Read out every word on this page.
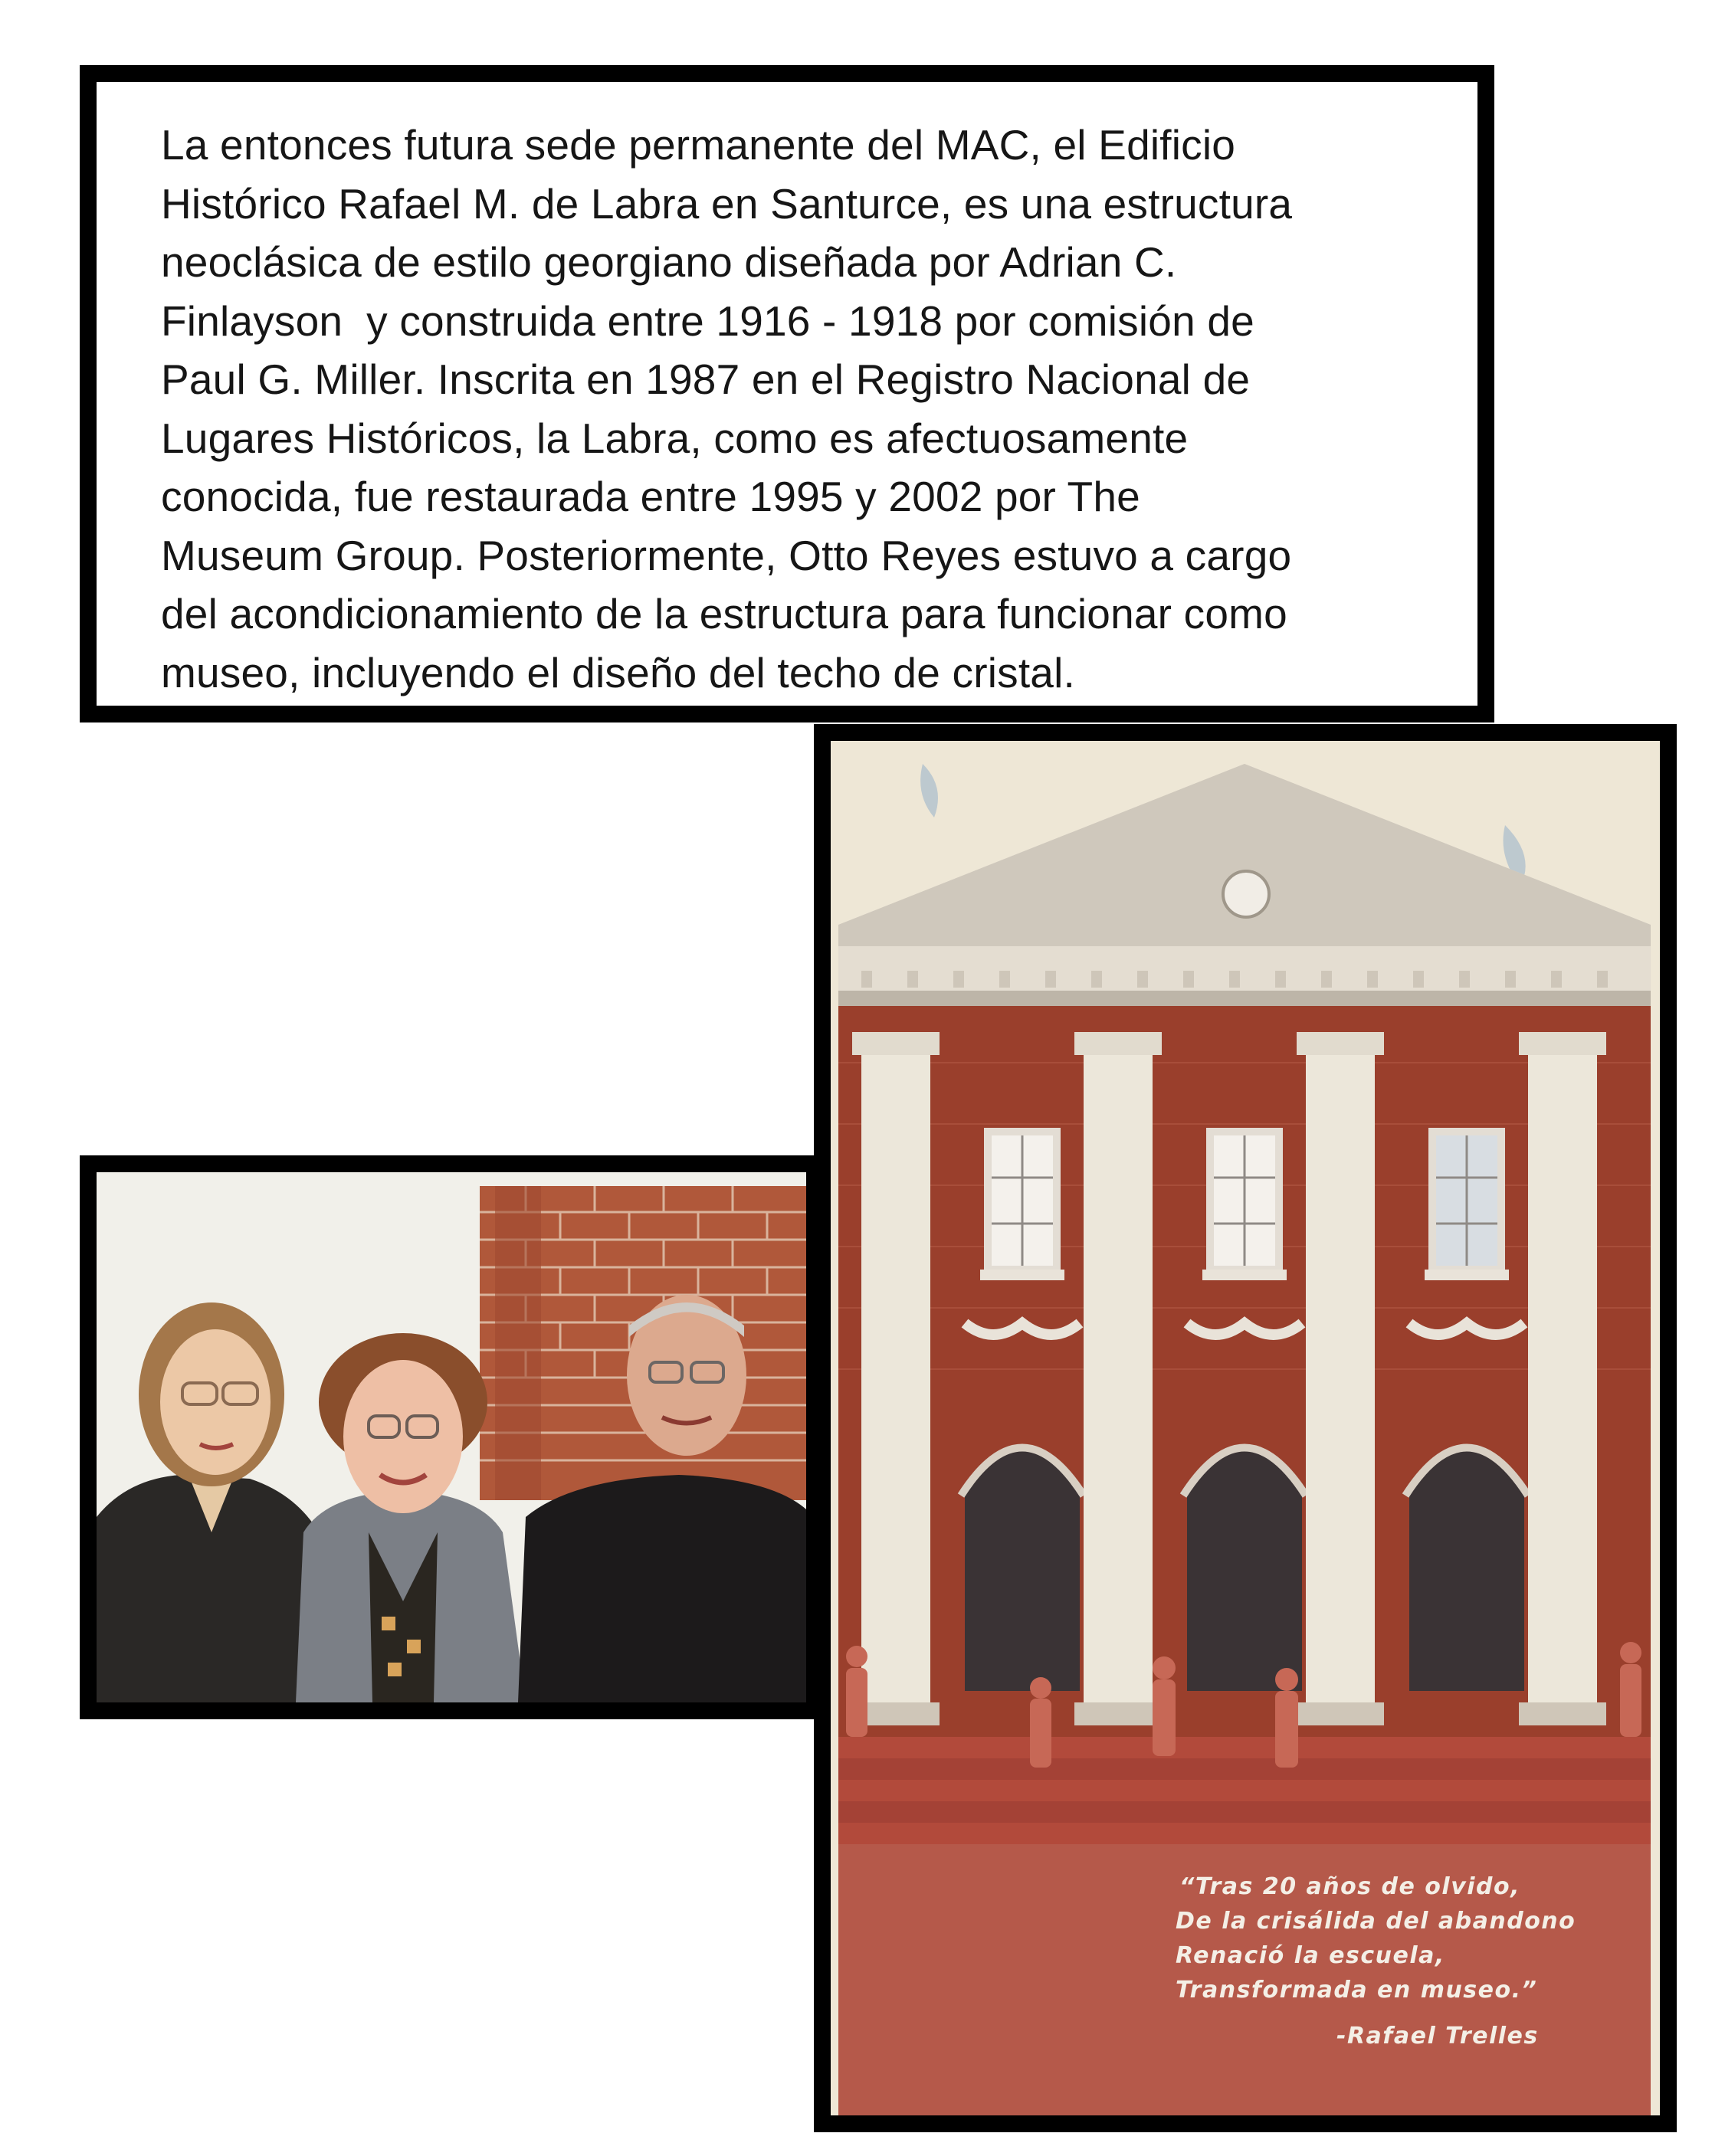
La entonces futura sede permanente del MAC, el Edificio

Histórico Rafael M. de Labra en Santurce, es una estructura

neoclásica de estilo georgiano diseñada por Adrian C.

Finlayson  y construida entre 1916 - 1918 por comisión de

Paul G. Miller. Inscrita en 1987 en el Registro Nacional de

Lugares Históricos, la Labra, como es afectuosamente

conocida, fue restaurada entre 1995 y 2002 por The

Museum Group. Posteriormente, Otto Reyes estuvo a cargo

del acondicionamiento de la estructura para funcionar como

museo, incluyendo el diseño del techo de cristal.

“Tras 20 años de olvido,
De la crisálida del abandono
Renació la escuela,
Transformada en museo.”
-Rafael Trelles
